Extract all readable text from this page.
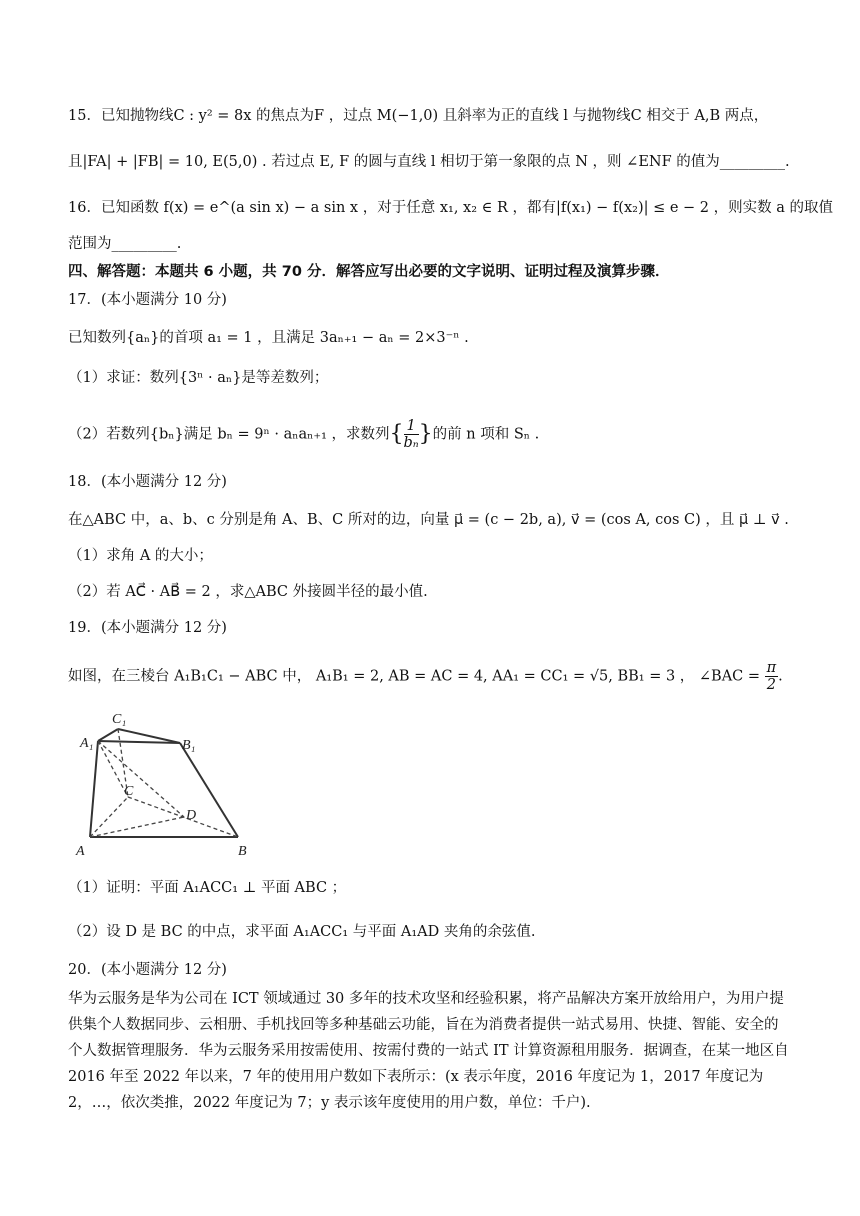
15．已知抛物线C : y² = 8x 的焦点为F ，过点 M(−1,0) 且斜率为正的直线 l 与抛物线C 相交于 A,B 两点，
且|FA| + |FB| = 10, E(5,0) . 若过点 E, F 的圆与直线 l 相切于第一象限的点 N ，则 ∠ENF 的值为_________.
16．已知函数 f(x) = e^(a sin x) − a sin x ，对于任意 x₁, x₂ ∈ R ，都有|f(x₁) − f(x₂)| ≤ e − 2 ，则实数 a 的取值
范围为_________.
四、解答题：本题共 6 小题，共 70 分．解答应写出必要的文字说明、证明过程及演算步骤．
17．(本小题满分 10 分)
已知数列{aₙ}的首项 a₁ = 1 ，且满足 3aₙ₊₁ − aₙ = 2×3⁻ⁿ .
（1）求证：数列{3ⁿ · aₙ}是等差数列；
（2）若数列{bₙ}满足 bₙ = 9ⁿ · aₙaₙ₊₁ ，求数列{ $\frac{1}{\text{bₙ}}$ }的前 n 项和 Sₙ .
18．(本小题满分 12 分)
在△ABC 中，a、b、c 分别是角 A、B、C 所对的边，向量 μ⃗ = (c − 2b, a), v⃗ = (cos A, cos C) ，且 μ⃗ ⊥ v⃗ .
（1）求角 A 的大小；
（2）若 AC⃗ · AB⃗ = 2 ，求△ABC 外接圆半径的最小值.
19．(本小题满分 12 分)
如图，在三棱台 A₁B₁C₁ − ABC 中， A₁B₁ = 2, AB = AC = 4, AA₁ = CC₁ = √5, BB₁ = 3 ， ∠BAC = $\frac{\pi}{2}$ .
A	B
C
D
A₁	B₁
C₁
（1）证明：平面 A₁ACC₁ ⊥ 平面 ABC ；
（2）设 D 是 BC 的中点，求平面 A₁ACC₁ 与平面 A₁AD 夹角的余弦值.
20．(本小题满分 12 分)
华为云服务是华为公司在 ICT 领域通过 30 多年的技术攻坚和经验积累，将产品解决方案开放给用户，为用户提供集个人数据同步、云相册、手机找回等多种基础云功能，旨在为消费者提供一站式易用、快捷、智能、安全的个人数据管理服务．华为云服务采用按需使用、按需付费的一站式 IT 计算资源租用服务．据调查，在某一地区自 2016 年至 2022 年以来，7 年的使用用户数如下表所示：(x 表示年度，2016 年度记为 1，2017 年度记为 2，…，依次类推，2022 年度记为 7；y 表示该年度使用的用户数，单位：千户).
